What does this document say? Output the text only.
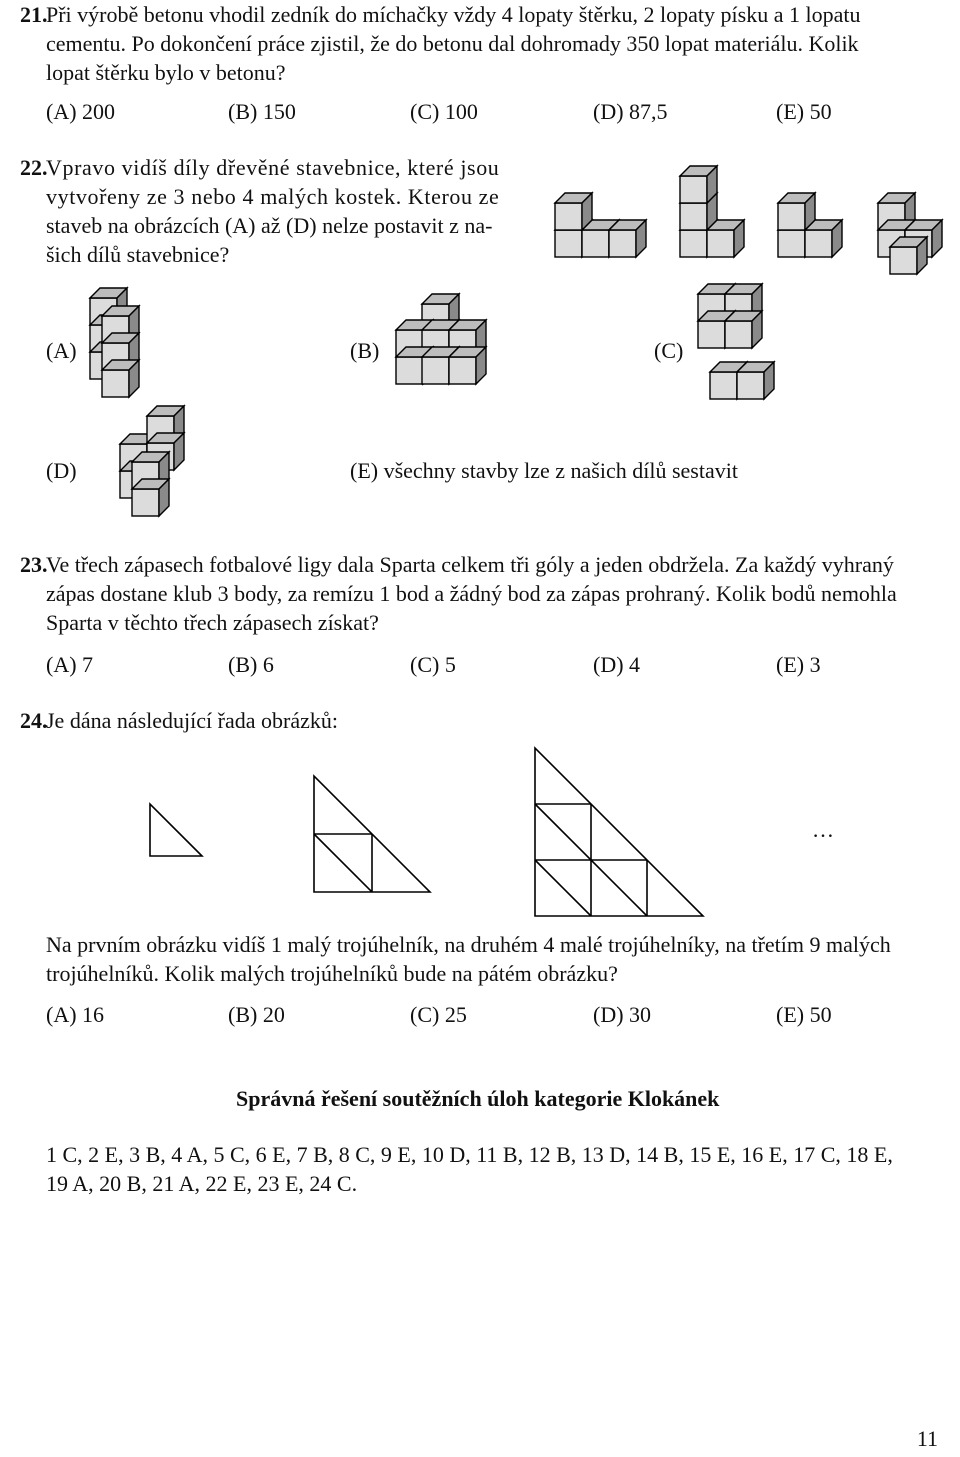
21.
Při výrobě betonu vhodil zedník do míchačky vždy 4 lopaty štěrku, 2 lopaty písku a 1 lopatu
cementu. Po dokončení práce zjistil, že do betonu dal dohromady 350 lopat materiálu. Kolik
lopat štěrku bylo v betonu?
(A) 200	(B) 150	(C) 100	(D) 87,5	(E) 50
22.
Vpravo vidíš díly dřevěné stavebnice, které jsou
vytvořeny ze 3 nebo 4 malých kostek. Kterou ze
staveb na obrázcích (A) až (D) nelze postavit z na-
šich dílů stavebnice?
(A)	(B)	(C)
(D)	(E) všechny stavby lze z našich dílů sestavit
23.
Ve třech zápasech fotbalové ligy dala Sparta celkem tři góly a jeden obdržela. Za každý vyhraný
zápas dostane klub 3 body, za remízu 1 bod a žádný bod za zápas prohraný. Kolik bodů nemohla
Sparta v těchto třech zápasech získat?
(A) 7	(B) 6	(C) 5	(D) 4	(E) 3
24.
Je dána následující řada obrázků:
…
Na prvním obrázku vidíš 1 malý trojúhelník, na druhém 4 malé trojúhelníky, na třetím 9 malých
trojúhelníků. Kolik malých trojúhelníků bude na pátém obrázku?
(A) 16	(B) 20	(C) 25	(D) 30	(E) 50
Správná řešení soutěžních úloh kategorie Klokánek
1 C, 2 E, 3 B, 4 A, 5 C, 6 E, 7 B, 8 C, 9 E, 10 D, 11 B, 12 B, 13 D, 14 B, 15 E, 16 E, 17 C, 18 E,
19 A, 20 B, 21 A, 22 E, 23 E, 24 C.
11
